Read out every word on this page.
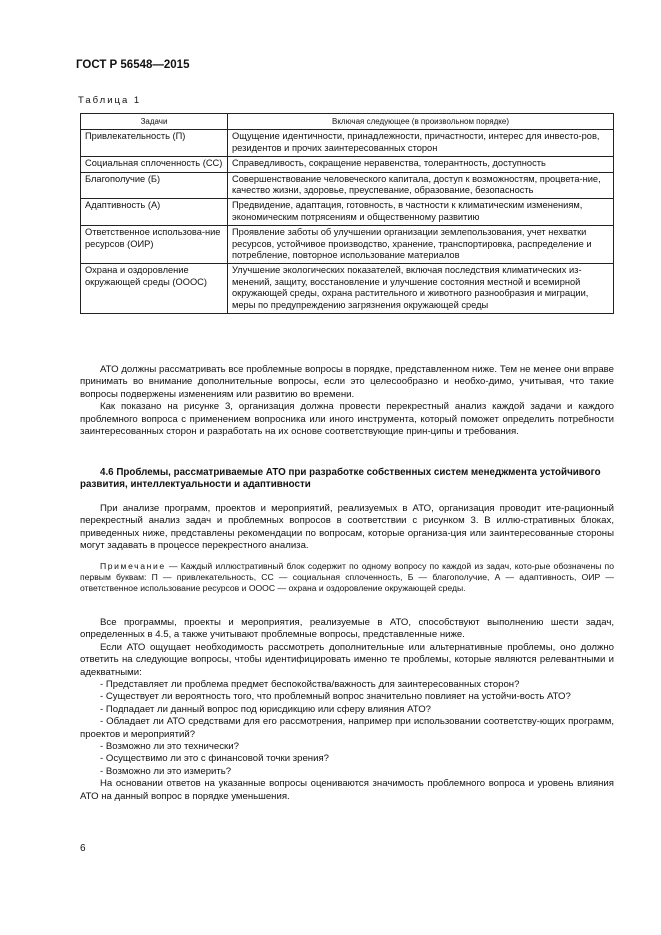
ГОСТ Р 56548—2015
Таблица 1
Задачи	Включая следующее (в произвольном порядке)
Привлекательность (П)	Ощущение идентичности, принадлежности, причастности, интерес для инвесто-ров, резидентов и прочих заинтересованных сторон
Социальная сплоченность (СС)	Справедливость, сокращение неравенства, толерантность, доступность
Благополучие (Б)	Совершенствование человеческого капитала, доступ к возможностям, процвета-ние, качество жизни, здоровье, преуспевание, образование, безопасность
Адаптивность (А)	Предвидение, адаптация, готовность, в частности к климатическим изменениям, экономическим потрясениям и общественному развитию
Ответственное использова-ние ресурсов (ОИР)	Проявление заботы об улучшении организации землепользования, учет нехватки ресурсов, устойчивое производство, хранение, транспортировка, распределение и потребление, повторное использование материалов
Охрана и оздоровление окружающей среды (ОООС)	Улучшение экологических показателей, включая последствия климатических из-менений, защиту, восстановление и улучшение состояния местной и всемирной окружающей среды, охрана растительного и животного разнообразия и миграции, меры по предупреждению загрязнения окружающей среды

АТО должны рассматривать все проблемные вопросы в порядке, представленном ниже. Тем не менее они вправе принимать во внимание дополнительные вопросы, если это целесообразно и необхо-димо, учитывая, что такие вопросы подвержены изменениям или развитию во времени.

Как показано на рисунке 3, организация должна провести перекрестный анализ каждой задачи и каждого проблемного вопроса с применением вопросника или иного инструмента, который поможет определить потребности заинтересованных сторон и разработать на их основе соответствующие прин-ципы и требования.

4.6 Проблемы, рассматриваемые АТО при разработке собственных систем менеджмента устойчивого развития, интеллектуальности и адаптивности

При анализе программ, проектов и мероприятий, реализуемых в АТО, организация проводит ите-рационный перекрестный анализ задач и проблемных вопросов в соответствии с рисунком 3. В иллю-стративных блоках, приведенных ниже, представлены рекомендации по вопросам, которые организа-ция или заинтересованные стороны могут задавать в процессе перекрестного анализа.

Примечание — Каждый иллюстративный блок содержит по одному вопросу по каждой из задач, кото-рые обозначены по первым буквам: П — привлекательность, СС — социальная сплоченность, Б — благополучие, А — адаптивность, ОИР — ответственное использование ресурсов и ОООС — охрана и оздоровление окружающей среды.

Все программы, проекты и мероприятия, реализуемые в АТО, способствуют выполнению шести задач, определенных в 4.5, а также учитывают проблемные вопросы, представленные ниже.

Если АТО ощущает необходимость рассмотреть дополнительные или альтернативные проблемы, оно должно ответить на следующие вопросы, чтобы идентифицировать именно те проблемы, которые являются релевантными и адекватными:

- Представляет ли проблема предмет беспокойства/важность для заинтересованных сторон?

- Существует ли вероятность того, что проблемный вопрос значительно повлияет на устойчи-вость АТО?

- Подпадает ли данный вопрос под юрисдикцию или сферу влияния АТО?

- Обладает ли АТО средствами для его рассмотрения, например при использовании соответству-ющих программ, проектов и мероприятий?

- Возможно ли это технически?

- Осуществимо ли это с финансовой точки зрения?

- Возможно ли это измерить?

На основании ответов на указанные вопросы оцениваются значимость проблемного вопроса и уровень влияния АТО на данный вопрос в порядке уменьшения.

6
